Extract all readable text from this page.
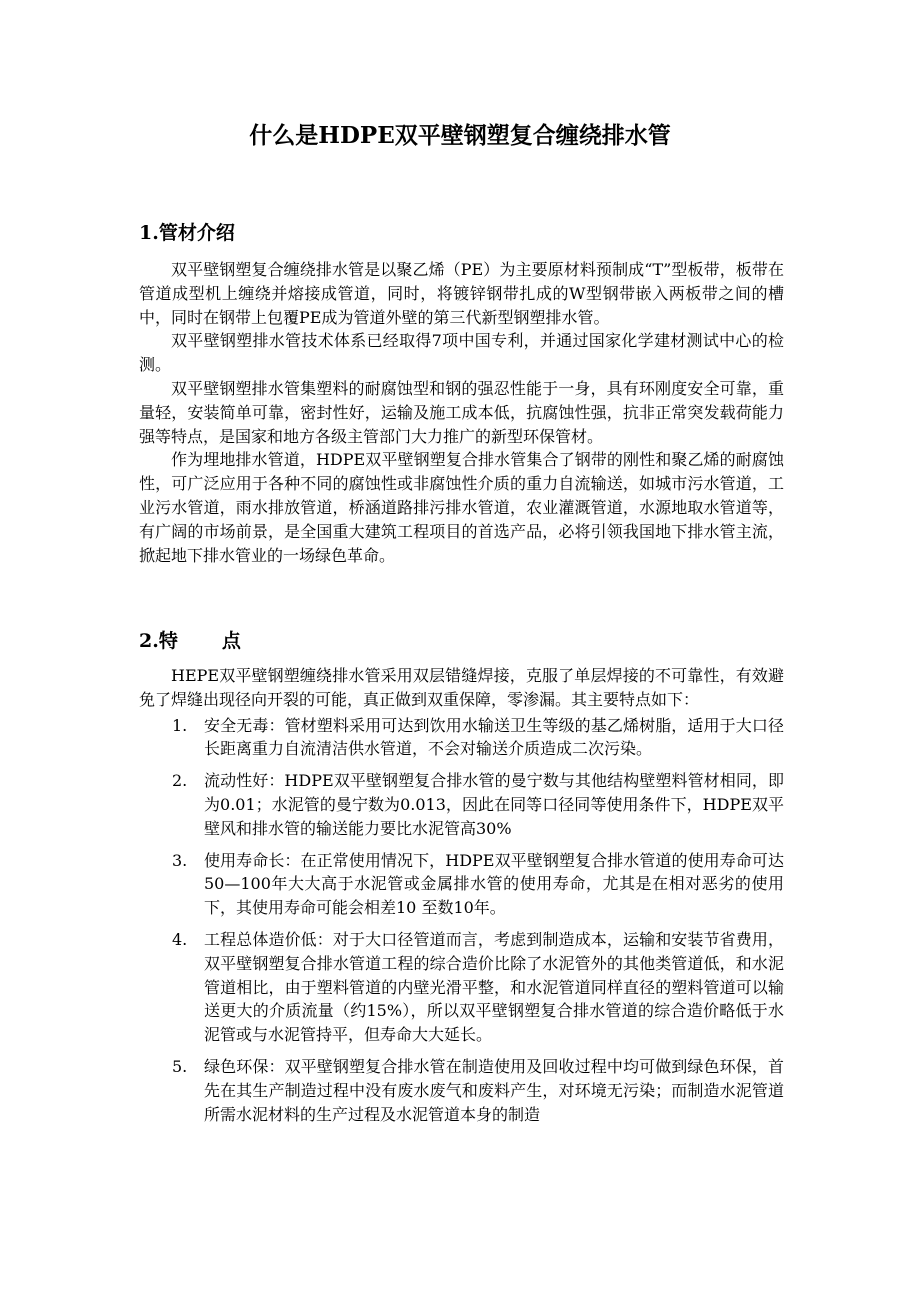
什么是HDPE双平壁钢塑复合缠绕排水管
1.管材介绍

双平壁钢塑复合缠绕排水管是以聚乙烯（PE）为主要原材料预制成“T”型板带，板带在管道成型机上缠绕并熔接成管道，同时，将镀锌钢带扎成的W型钢带嵌入两板带之间的槽中，同时在钢带上包覆PE成为管道外壁的第三代新型钢塑排水管。

双平壁钢塑排水管技术体系已经取得7项中国专利，并通过国家化学建材测试中心的检测。

双平壁钢塑排水管集塑料的耐腐蚀型和钢的强忍性能于一身，具有环刚度安全可靠，重量轻，安装简单可靠，密封性好，运输及施工成本低，抗腐蚀性强，抗非正常突发载荷能力强等特点，是国家和地方各级主管部门大力推广的新型环保管材。

作为埋地排水管道，HDPE双平壁钢塑复合排水管集合了钢带的刚性和聚乙烯的耐腐蚀性，可广泛应用于各种不同的腐蚀性或非腐蚀性介质的重力自流输送，如城市污水管道，工业污水管道，雨水排放管道，桥涵道路排污排水管道，农业灌溉管道，水源地取水管道等，有广阔的市场前景，是全国重大建筑工程项目的首选产品，必将引领我国地下排水管主流，掀起地下排水管业的一场绿色革命。

2.特 点

HEPE双平壁钢塑缠绕排水管采用双层错缝焊接，克服了单层焊接的不可靠性，有效避免了焊缝出现径向开裂的可能，真正做到双重保障，零渗漏。其主要特点如下：

1. 安全无毒：管材塑料采用可达到饮用水输送卫生等级的基乙烯树脂，适用于大口径长距离重力自流清洁供水管道，不会对输送介质造成二次污染。
2. 流动性好：HDPE双平壁钢塑复合排水管的曼宁数与其他结构壁塑料管材相同，即为0.01；水泥管的曼宁数为0.013，因此在同等口径同等使用条件下，HDPE双平壁风和排水管的输送能力要比水泥管高30%
3. 使用寿命长：在正常使用情况下，HDPE双平壁钢塑复合排水管道的使用寿命可达50—100年大大高于水泥管或金属排水管的使用寿命，尤其是在相对恶劣的使用 下，其使用寿命可能会相差10 至数10年。
4. 工程总体造价低：对于大口径管道而言，考虑到制造成本，运输和安装节省费用，双平壁钢塑复合排水管道工程的综合造价比除了水泥管外的其他类管道低，和水泥管道相比，由于塑料管道的内壁光滑平整，和水泥管道同样直径的塑料管道可以输送更大的介质流量（约15%），所以双平壁钢塑复合排水管道的综合造价略低于水泥管或与水泥管持平，但寿命大大延长。
5. 绿色环保：双平壁钢塑复合排水管在制造使用及回收过程中均可做到绿色环保，首先在其生产制造过程中没有废水废气和废料产生，对环境无污染；而制造水泥管道所需水泥材料的生产过程及水泥管道本身的制造
